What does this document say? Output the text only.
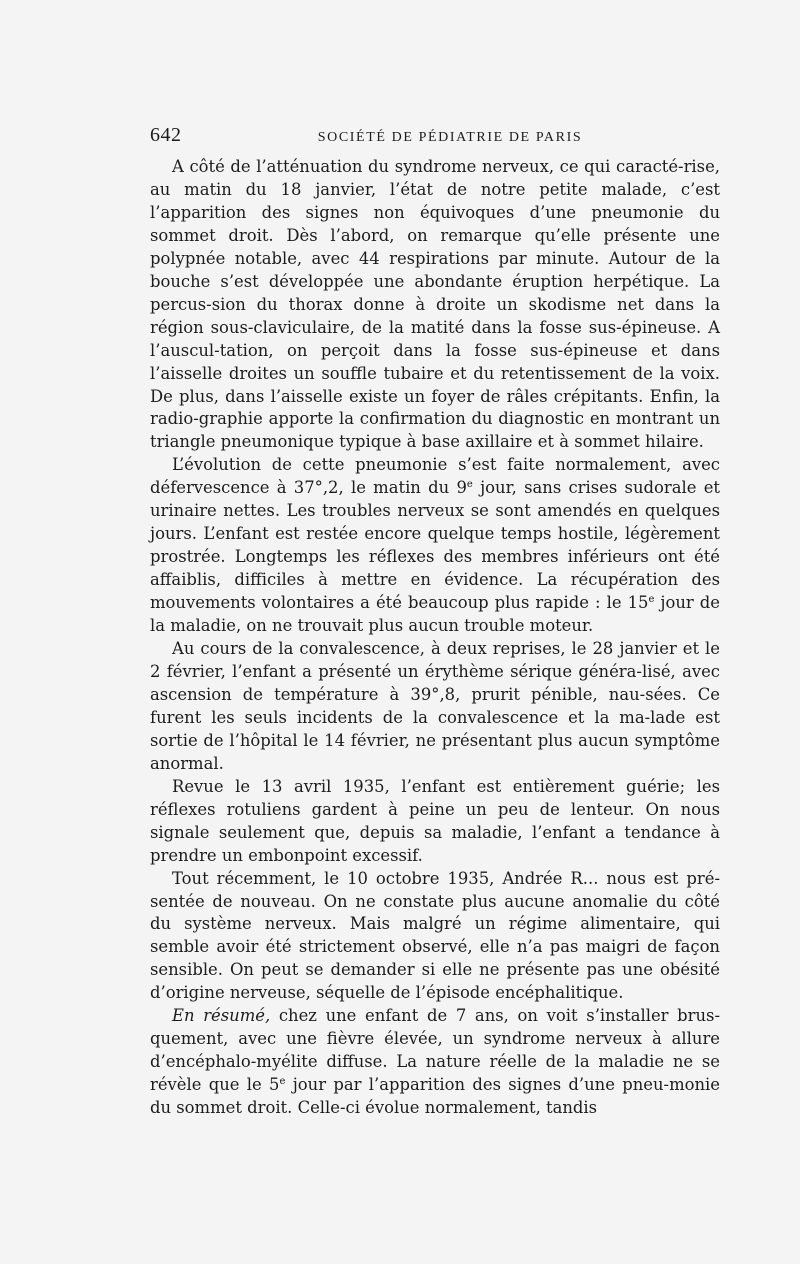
642	SOCIÉTÉ DE PÉDIATRIE DE PARIS

A côté de l’atténuation du syndrome nerveux, ce qui caracté-rise, au matin du 18 janvier, l’état de notre petite malade, c’est l’apparition des signes non équivoques d’une pneumonie du sommet droit. Dès l’abord, on remarque qu’elle présente une polypnée notable, avec 44 respirations par minute. Autour de la bouche s’est développée une abondante éruption herpétique. La percus-sion du thorax donne à droite un skodisme net dans la région sous-claviculaire, de la matité dans la fosse sus-épineuse. A l’auscul-tation, on perçoit dans la fosse sus-épineuse et dans l’aisselle droites un souffle tubaire et du retentissement de la voix. De plus, dans l’aisselle existe un foyer de râles crépitants. Enfin, la radio-graphie apporte la confirmation du diagnostic en montrant un triangle pneumonique typique à base axillaire et à sommet hilaire.

L’évolution de cette pneumonie s’est faite normalement, avec défervescence à 37°,2, le matin du 9e jour, sans crises sudorale et urinaire nettes. Les troubles nerveux se sont amendés en quelques jours. L’enfant est restée encore quelque temps hostile, légèrement prostrée. Longtemps les réflexes des membres inférieurs ont été affaiblis, difficiles à mettre en évidence. La récupération des mouvements volontaires a été beaucoup plus rapide : le 15e jour de la maladie, on ne trouvait plus aucun trouble moteur.

Au cours de la convalescence, à deux reprises, le 28 janvier et le 2 février, l’enfant a présenté un érythème sérique généra-lisé, avec ascension de température à 39°,8, prurit pénible, nau-sées. Ce furent les seuls incidents de la convalescence et la ma-lade est sortie de l’hôpital le 14 février, ne présentant plus aucun symptôme anormal.

Revue le 13 avril 1935, l’enfant est entièrement guérie; les réflexes rotuliens gardent à peine un peu de lenteur. On nous signale seulement que, depuis sa maladie, l’enfant a tendance à prendre un embonpoint excessif.

Tout récemment, le 10 octobre 1935, Andrée R... nous est pré-sentée de nouveau. On ne constate plus aucune anomalie du côté du système nerveux. Mais malgré un régime alimentaire, qui semble avoir été strictement observé, elle n’a pas maigri de façon sensible. On peut se demander si elle ne présente pas une obésité d’origine nerveuse, séquelle de l’épisode encéphalitique.

En résumé, chez une enfant de 7 ans, on voit s’installer brus-quement, avec une fièvre élevée, un syndrome nerveux à allure d’encéphalo-myélite diffuse. La nature réelle de la maladie ne se révèle que le 5e jour par l’apparition des signes d’une pneu-monie du sommet droit. Celle-ci évolue normalement, tandis
